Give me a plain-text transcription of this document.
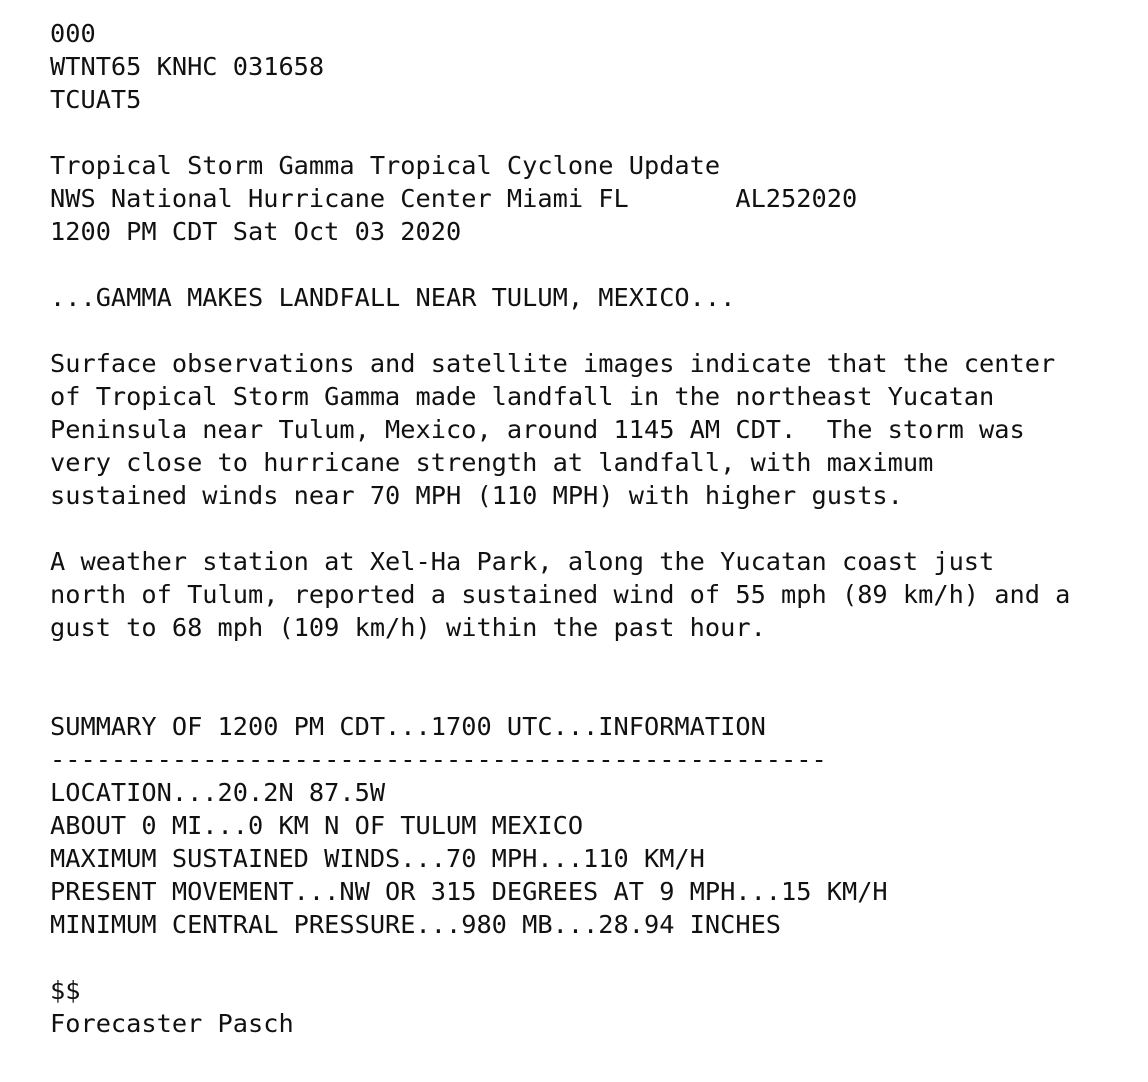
000
WTNT65 KNHC 031658
TCUAT5
Tropical Storm Gamma Tropical Cyclone Update
NWS National Hurricane Center Miami FL       AL252020
1200 PM CDT Sat Oct 03 2020
...GAMMA MAKES LANDFALL NEAR TULUM, MEXICO...
Surface observations and satellite images indicate that the center
of Tropical Storm Gamma made landfall in the northeast Yucatan
Peninsula near Tulum, Mexico, around 1145 AM CDT.  The storm was
very close to hurricane strength at landfall, with maximum
sustained winds near 70 MPH (110 MPH) with higher gusts.
A weather station at Xel-Ha Park, along the Yucatan coast just
north of Tulum, reported a sustained wind of 55 mph (89 km/h) and a
gust to 68 mph (109 km/h) within the past hour.
SUMMARY OF 1200 PM CDT...1700 UTC...INFORMATION
---------------------------------------------------
LOCATION...20.2N 87.5W
ABOUT 0 MI...0 KM N OF TULUM MEXICO
MAXIMUM SUSTAINED WINDS...70 MPH...110 KM/H
PRESENT MOVEMENT...NW OR 315 DEGREES AT 9 MPH...15 KM/H
MINIMUM CENTRAL PRESSURE...980 MB...28.94 INCHES
$$
Forecaster Pasch
